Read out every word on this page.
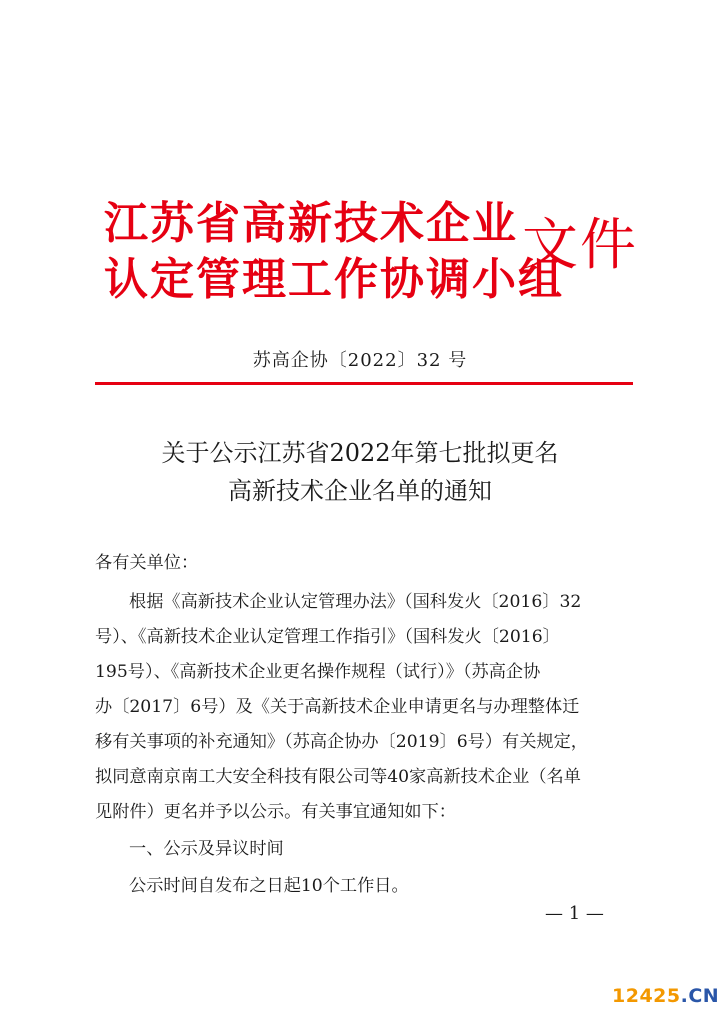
江苏省高新技术企业
认定管理工作协调小组
文件
苏高企协〔2022〕32 号
关于公示江苏省2022年第七批拟更名
高新技术企业名单的通知
各有关单位：
根据《高新技术企业认定管理办法》（国科发火〔2016〕32
号）、《高新技术企业认定管理工作指引》（国科发火〔2016〕
195号）、《高新技术企业更名操作规程（试行）》（苏高企协
办〔2017〕6号）及《关于高新技术企业申请更名与办理整体迁
移有关事项的补充通知》（苏高企协办〔2019〕6号）有关规定，
拟同意南京南工大安全科技有限公司等40家高新技术企业（名单
见附件）更名并予以公示。有关事宜通知如下：
一、公示及异议时间
公示时间自发布之日起10个工作日。
— 1 —
12425.CN
